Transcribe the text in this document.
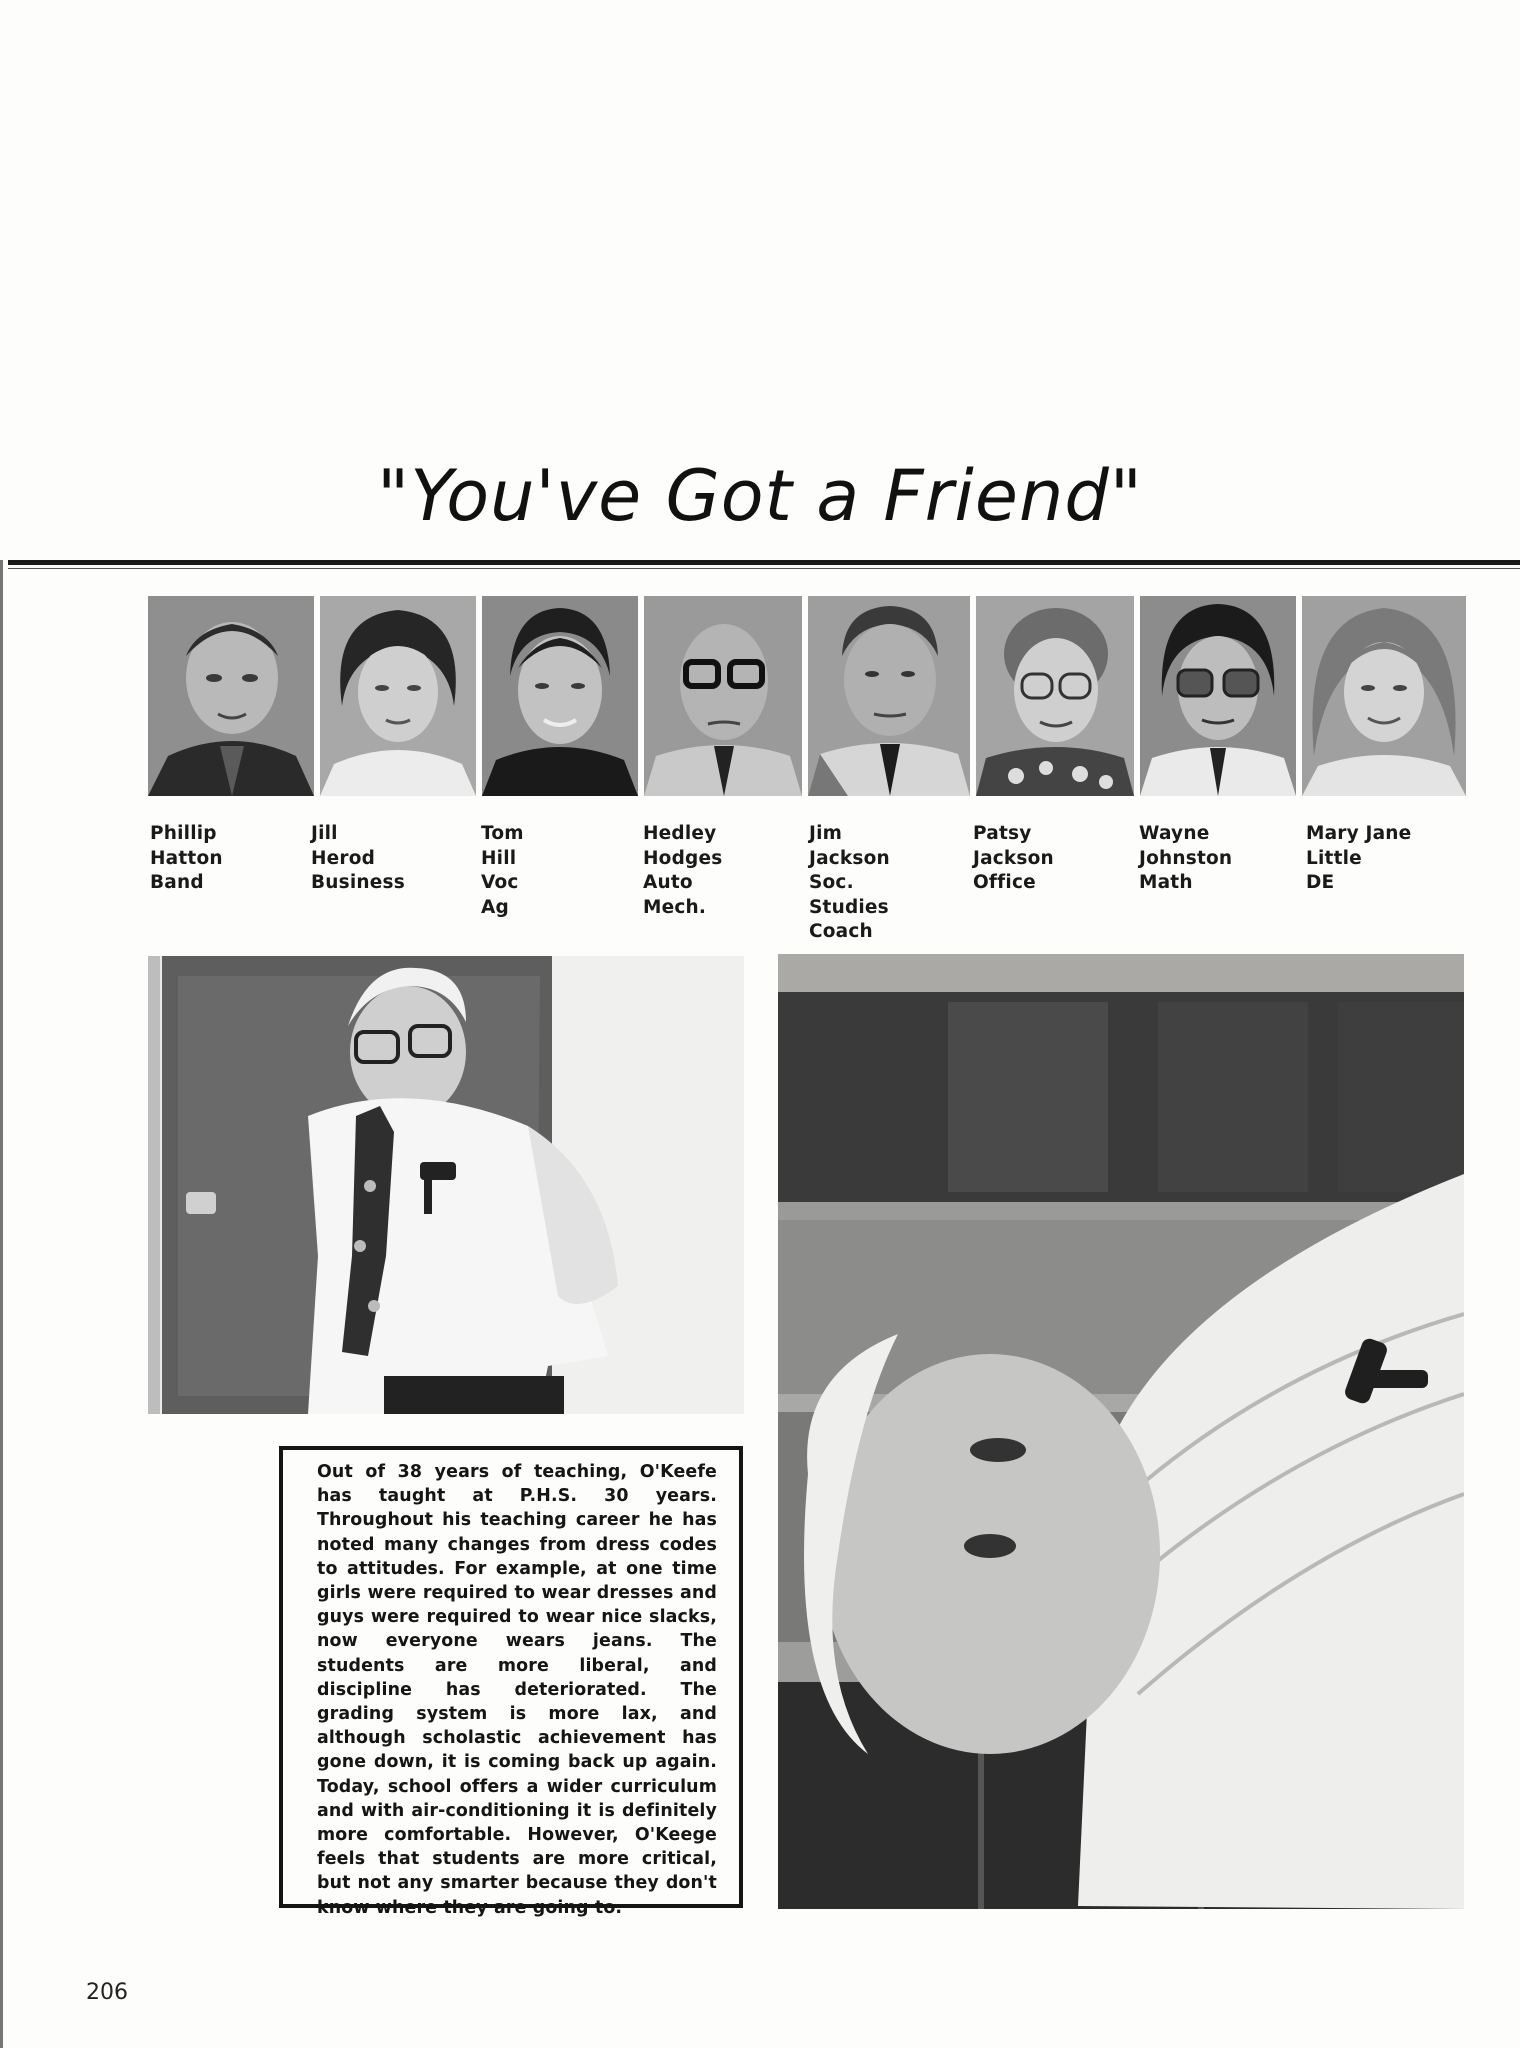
"You've Got a Friend"
Phillip
Hatton
Band
Jill
Herod
Business
Tom
Hill
Voc
Ag
Hedley
Hodges
Auto
Mech.
Jim
Jackson
Soc.
Studies
Coach
Patsy
Jackson
Office
Wayne
Johnston
Math
Mary Jane
Little
DE

Out of 38 years of teaching, O'Keefe has taught at P.H.S. 30 years. Throughout his teaching career he has noted many changes from dress codes to attitudes. For example, at one time girls were required to wear dresses and guys were required to wear nice slacks, now everyone wears jeans. The students are more liberal, and discipline has deteriorated. The grading system is more lax, and although scholastic achievement has gone down, it is coming back up again. Today, school offers a wider curriculum and with air-conditioning it is definitely more comfortable. However, O'Keege feels that students are more critical, but not any smarter because they don't know where they are going to.

206
